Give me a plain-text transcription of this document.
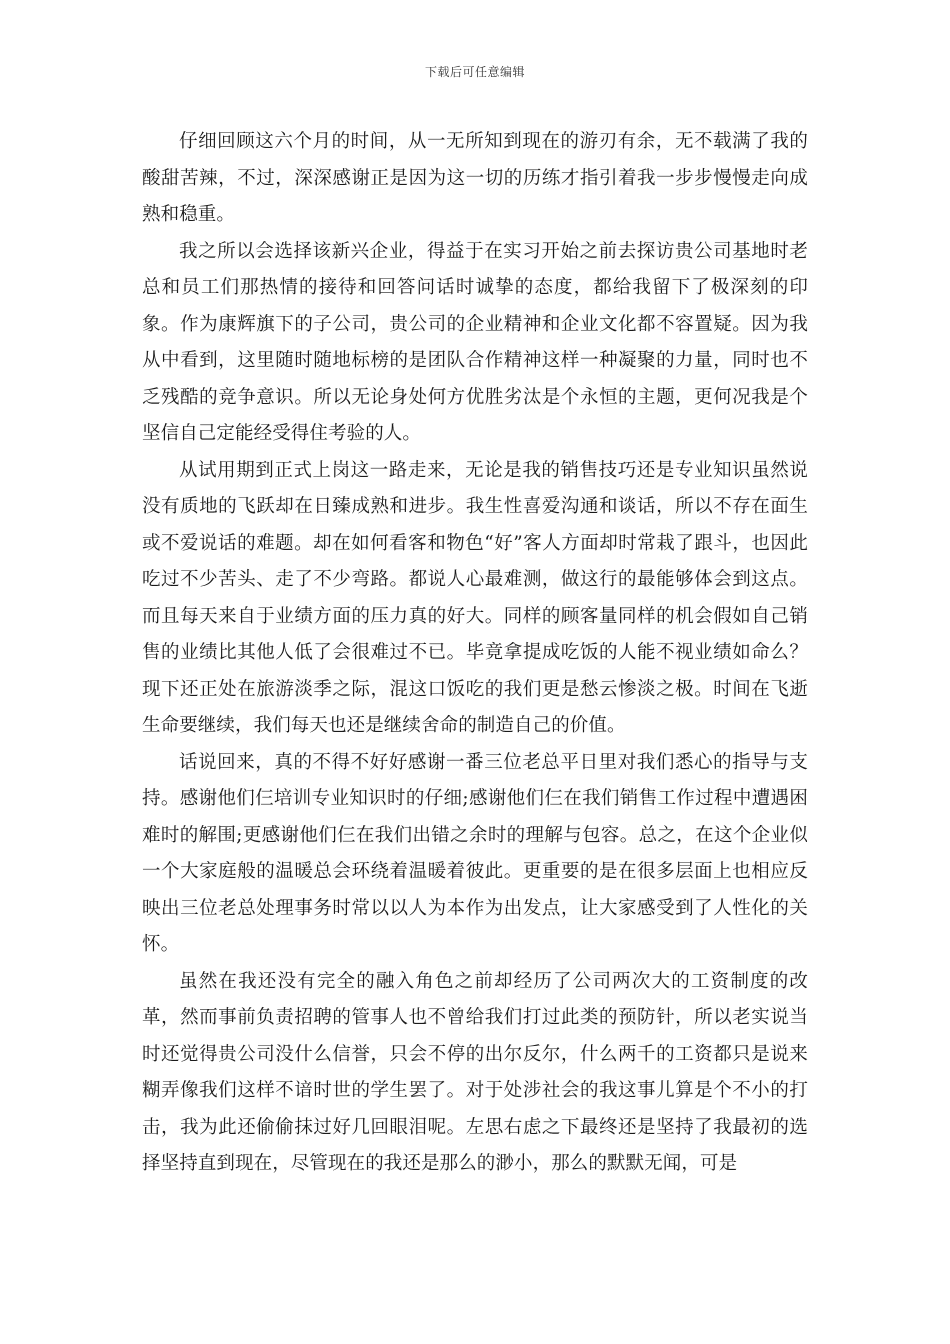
下载后可任意编辑

仔细回顾这六个月的时间，从一无所知到现在的游刃有余，无不载满了我的酸甜苦辣，不过，深深感谢正是因为这一切的历练才指引着我一步步慢慢走向成熟和稳重。

我之所以会选择该新兴企业，得益于在实习开始之前去探访贵公司基地时老总和员工们那热情的接待和回答问话时诚挚的态度，都给我留下了极深刻的印象。作为康辉旗下的子公司，贵公司的企业精神和企业文化都不容置疑。因为我从中看到，这里随时随地标榜的是团队合作精神这样一种凝聚的力量，同时也不乏残酷的竞争意识。所以无论身处何方优胜劣汰是个永恒的主题，更何况我是个坚信自己定能经受得住考验的人。

从试用期到正式上岗这一路走来，无论是我的销售技巧还是专业知识虽然说没有质地的飞跃却在日臻成熟和进步。我生性喜爱沟通和谈话，所以不存在面生或不爱说话的难题。却在如何看客和物色“好”客人方面却时常栽了跟斗，也因此吃过不少苦头、走了不少弯路。都说人心最难测，做这行的最能够体会到这点。而且每天来自于业绩方面的压力真的好大。同样的顾客量同样的机会假如自己销售的业绩比其他人低了会很难过不已。毕竟拿提成吃饭的人能不视业绩如命么？现下还正处在旅游淡季之际，混这口饭吃的我们更是愁云惨淡之极。时间在飞逝生命要继续，我们每天也还是继续舍命的制造自己的价值。

话说回来，真的不得不好好感谢一番三位老总平日里对我们悉心的指导与支持。感谢他们仨培训专业知识时的仔细;感谢他们仨在我们销售工作过程中遭遇困难时的解围;更感谢他们仨在我们出错之余时的理解与包容。总之，在这个企业似一个大家庭般的温暖总会环绕着温暖着彼此。更重要的是在很多层面上也相应反映出三位老总处理事务时常以以人为本作为出发点，让大家感受到了人性化的关怀。

虽然在我还没有完全的融入角色之前却经历了公司两次大的工资制度的改革，然而事前负责招聘的管事人也不曾给我们打过此类的预防针，所以老实说当时还觉得贵公司没什么信誉，只会不停的出尔反尔，什么两千的工资都只是说来糊弄像我们这样不谙时世的学生罢了。对于处涉社会的我这事儿算是个不小的打击，我为此还偷偷抹过好几回眼泪呢。左思右虑之下最终还是坚持了我最初的选择坚持直到现在，尽管现在的我还是那么的渺小，那么的默默无闻，可是
